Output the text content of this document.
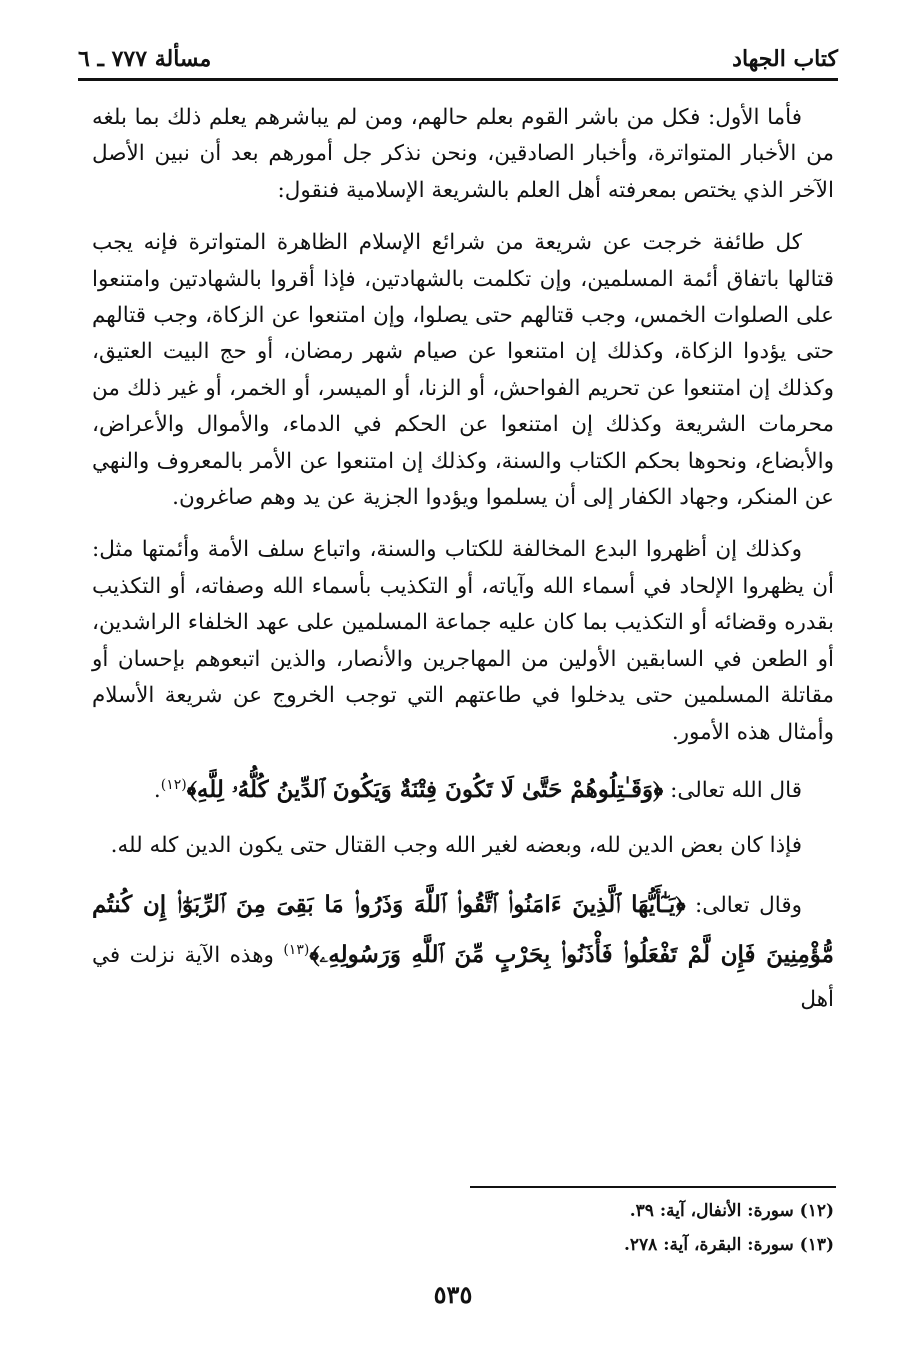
كتاب الجهاد
مسألة ٧٧٧ ـ ٦

فأما الأول: فكل من باشر القوم بعلم حالهم، ومن لم يباشرهم يعلم ذلك بما بلغه من الأخبار المتواترة، وأخبار الصادقين، ونحن نذكر جل أمورهم بعد أن نبين الأصل الآخر الذي يختص بمعرفته أهل العلم بالشريعة الإسلامية فنقول:

كل طائفة خرجت عن شريعة من شرائع الإسلام الظاهرة المتواترة فإنه يجب قتالها باتفاق أئمة المسلمين، وإن تكلمت بالشهادتين، فإذا أقروا بالشهادتين وامتنعوا على الصلوات الخمس، وجب قتالهم حتى يصلوا، وإن امتنعوا عن الزكاة، وجب قتالهم حتى يؤدوا الزكاة، وكذلك إن امتنعوا عن صيام شهر رمضان، أو حج البيت العتيق، وكذلك إن امتنعوا عن تحريم الفواحش، أو الزنا، أو الميسر، أو الخمر، أو غير ذلك من محرمات الشريعة وكذلك إن امتنعوا عن الحكم في الدماء، والأموال والأعراض، والأبضاع، ونحوها بحكم الكتاب والسنة، وكذلك إن امتنعوا عن الأمر بالمعروف والنهي عن المنكر، وجهاد الكفار إلى أن يسلموا ويؤدوا الجزية عن يد وهم صاغرون.

وكذلك إن أظهروا البدع المخالفة للكتاب والسنة، واتباع سلف الأمة وأئمتها مثل: أن يظهروا الإلحاد في أسماء الله وآياته، أو التكذيب بأسماء الله وصفاته، أو التكذيب بقدره وقضائه أو التكذيب بما كان عليه جماعة المسلمين على عهد الخلفاء الراشدين، أو الطعن في السابقين الأولين من المهاجرين والأنصار، والذين اتبعوهم بإحسان أو مقاتلة المسلمين حتى يدخلوا في طاعتهم التي توجب الخروج عن شريعة الأسلام وأمثال هذه الأمور.

قال الله تعالى: ﴿وَقَـٰتِلُوهُمْ حَتَّىٰ لَا تَكُونَ فِتْنَةٌ وَيَكُونَ ٱلدِّينُ كُلُّهُۥ لِلَّهِ﴾$^{(١٢)}$.

فإذا كان بعض الدين لله، وبعضه لغير الله وجب القتال حتى يكون الدين كله لله.

وقال تعالى: ﴿يَـٰٓأَيُّهَا ٱلَّذِينَ ءَامَنُوا۟ ٱتَّقُوا۟ ٱللَّهَ وَذَرُوا۟ مَا بَقِىَ مِنَ ٱلرِّبَوٰٓا۟ إِن كُنتُم مُّؤْمِنِينَ فَإِن لَّمْ تَفْعَلُوا۟ فَأْذَنُوا۟ بِحَرْبٍ مِّنَ ٱللَّهِ وَرَسُولِهِۦ﴾$^{(١٣)}$ وهذه الآية نزلت في أهل

(١٢) سورة: الأنفال، آية: ٣٩.

(١٣) سورة: البقرة، آية: ٢٧٨.

٥٣٥
